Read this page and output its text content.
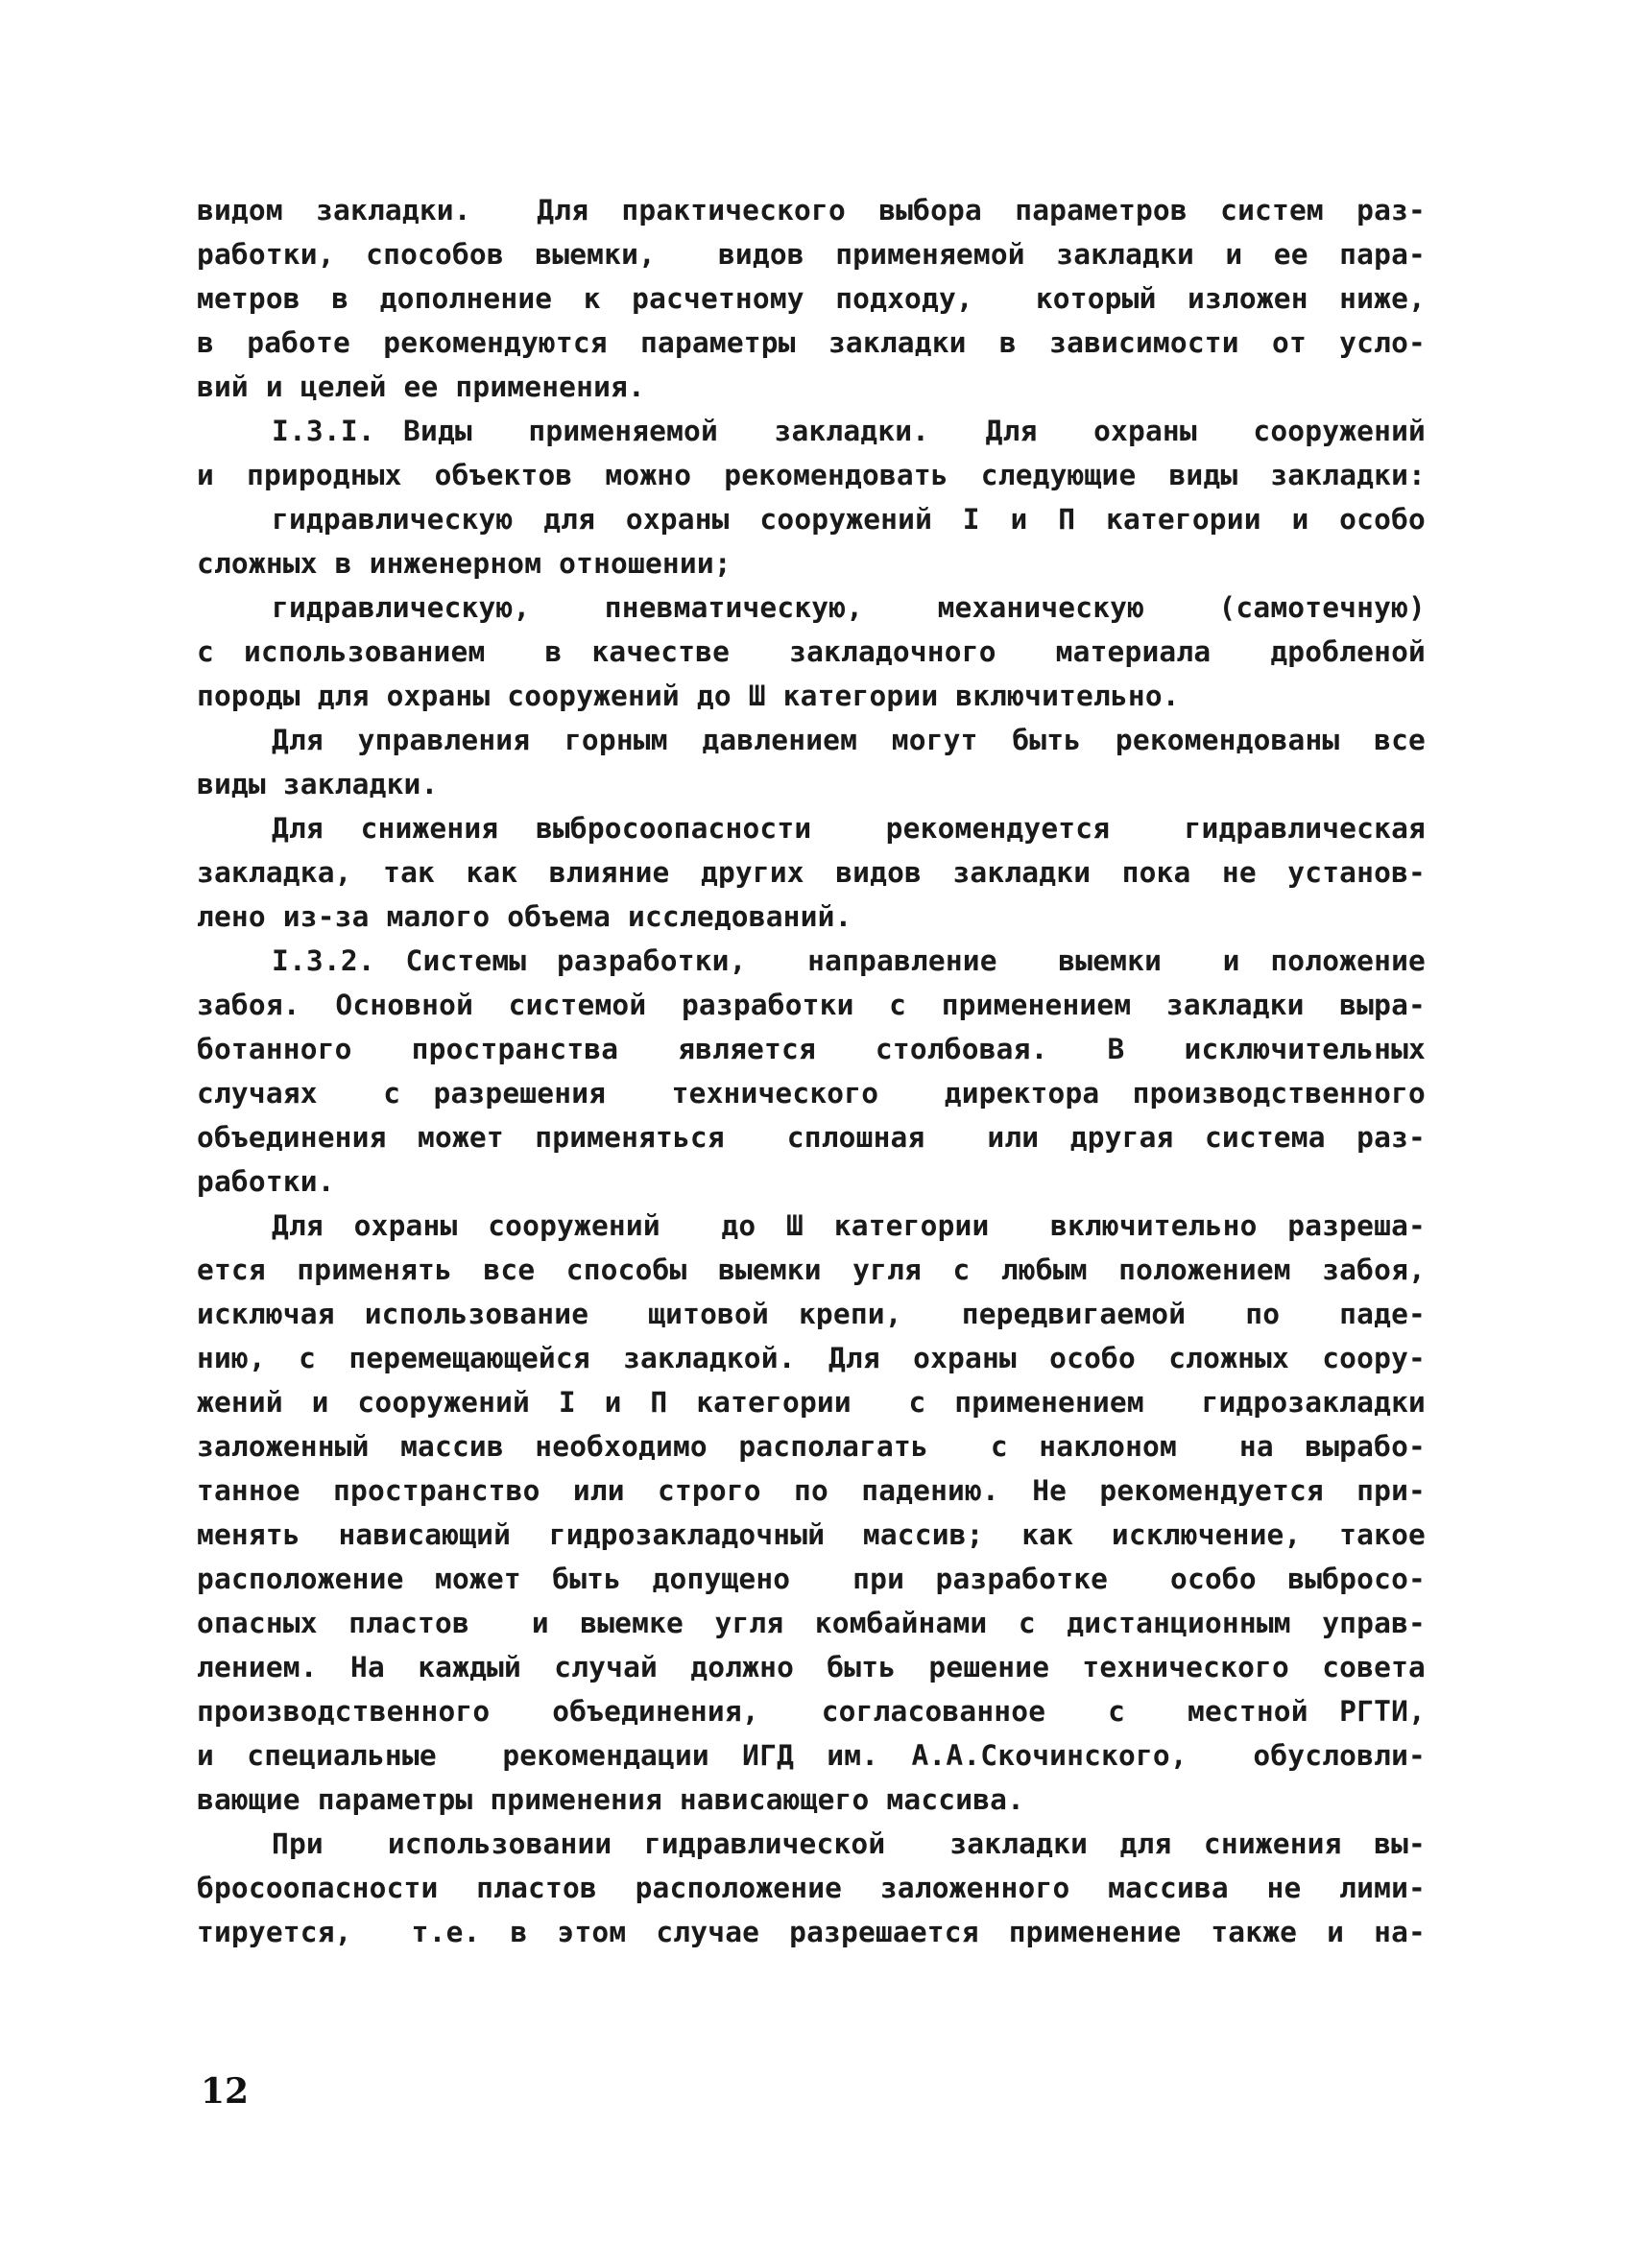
видом закладки.  Для практического выбора параметров систем раз-
работки, способов выемки,  видов применяемой закладки и ее пара-
метров в дополнение к расчетному подходу,  который изложен ниже,
в работе рекомендуются параметры закладки в зависимости от усло-
вий и целей ее применения.
I.3.I. Виды  применяемой  закладки.  Для  охраны  сооружений
и природных объектов можно рекомендовать следующие виды закладки:
гидравлическую для охраны сооружений I и П категории и особо
сложных в инженерном отношении;
гидравлическую,  пневматическую,  механическую  (самотечную)
с использованием  в качестве  закладочного  материала  дробленой
породы для охраны сооружений до Ш категории включительно.
Для управления горным давлением могут быть рекомендованы все
виды закладки.
Для снижения выбросоопасности  рекомендуется  гидравлическая
закладка, так как влияние других видов закладки пока не установ-
лено из-за малого объема исследований.
I.3.2. Системы разработки,  направление  выемки  и положение
забоя. Основной системой разработки с применением закладки выра-
ботанного  пространства  является  столбовая.  В  исключительных
случаях  с разрешения  технического  директора производственного
объединения может применяться  сплошная  или другая система раз-
работки.
Для охраны сооружений  до Ш категории  включительно разреша-
ется применять все способы выемки угля с любым положением забоя,
исключая использование  щитовой крепи,  передвигаемой  по  паде-
нию, с перемещающейся закладкой. Для охраны особо сложных соору-
жений и сооружений I и П категории  с применением  гидрозакладки
заложенный массив необходимо располагать  с наклоном  на вырабо-
танное пространство или строго по падению. Не рекомендуется при-
менять нависающий гидрозакладочный массив; как исключение, такое
расположение может быть допущено  при разработке  особо выбросо-
опасных пластов  и выемке угля комбайнами с дистанционным управ-
лением. На каждый случай должно быть решение технического совета
производственного  объединения,  согласованное  с  местной РГТИ,
и специальные  рекомендации ИГД им. А.А.Скочинского,  обусловли-
вающие параметры применения нависающего массива.
При  использовании гидравлической  закладки для снижения вы-
бросоопасности пластов расположение заложенного массива не лими-
тируется,  т.е. в этом случае разрешается применение также и на-
12
